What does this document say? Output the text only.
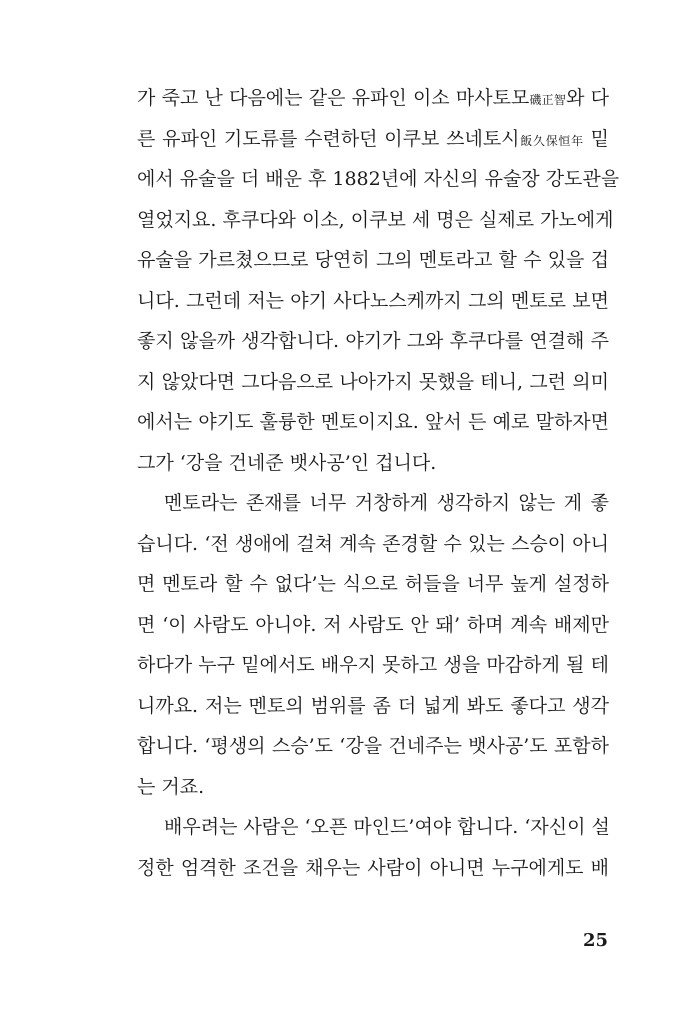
가 죽고 난 다음에는 같은 유파인 이소 마사토모磯正智와 다
른 유파인 기도류를 수련하던 이쿠보 쓰네토시飯久保恒年 밑
에서 유술을 더 배운 후 1882년에 자신의 유술장 강도관을
열었지요. 후쿠다와 이소, 이쿠보 세 명은 실제로 가노에게
유술을 가르쳤으므로 당연히 그의 멘토라고 할 수 있을 겁
니다. 그런데 저는 야기 사다노스케까지 그의 멘토로 보면
좋지 않을까 생각합니다. 야기가 그와 후쿠다를 연결해 주
지 않았다면 그다음으로 나아가지 못했을 테니, 그런 의미
에서는 야기도 훌륭한 멘토이지요. 앞서 든 예로 말하자면
그가 ‘강을 건네준 뱃사공’인 겁니다.
멘토라는 존재를 너무 거창하게 생각하지 않는 게 좋
습니다. ‘전 생애에 걸쳐 계속 존경할 수 있는 스승이 아니
면 멘토라 할 수 없다’는 식으로 허들을 너무 높게 설정하
면 ‘이 사람도 아니야. 저 사람도 안 돼’ 하며 계속 배제만
하다가 누구 밑에서도 배우지 못하고 생을 마감하게 될 테
니까요. 저는 멘토의 범위를 좀 더 넓게 봐도 좋다고 생각
합니다. ‘평생의 스승’도 ‘강을 건네주는 뱃사공’도 포함하
는 거죠.
배우려는 사람은 ‘오픈 마인드’여야 합니다. ‘자신이 설
정한 엄격한 조건을 채우는 사람이 아니면 누구에게도 배
25
